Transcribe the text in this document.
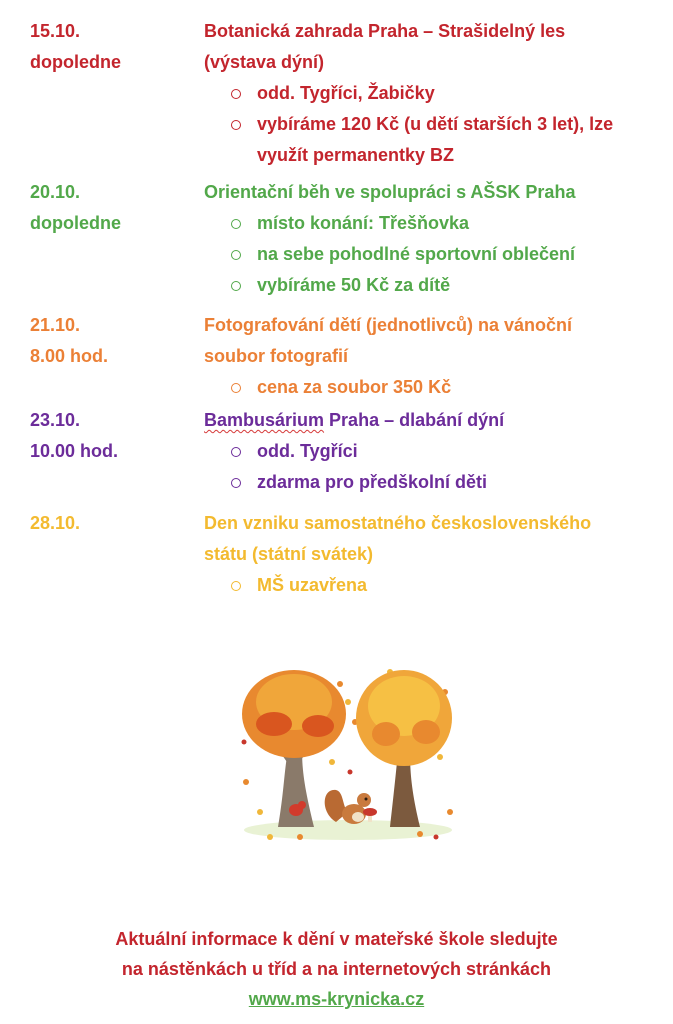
15.10.
dopoledne
Botanická zahrada Praha – Strašidelný les
(výstava dýní)
odd. Tygříci, Žabičky
vybíráme 120 Kč (u dětí starších 3 let), lze
využít permanentky BZ
20.10.
dopoledne
Orientační běh ve spolupráci s AŠSK Praha
místo konání: Třešňovka
na sebe pohodlné sportovní oblečení
vybíráme 50 Kč za dítě
21.10.
8.00 hod.
Fotografování dětí (jednotlivců) na vánoční
soubor fotografií
cena za soubor 350 Kč
23.10.
10.00 hod.
Bambusárium Praha – dlabání dýní
odd. Tygříci
zdarma pro předškolní děti
28.10.	Den vzniku samostatného československého
státu (státní svátek)
MŠ uzavřena
Aktuální informace k dění v mateřské škole sledujte
na nástěnkách u tříd a na internetových stránkách
www.ms-krynicka.cz
